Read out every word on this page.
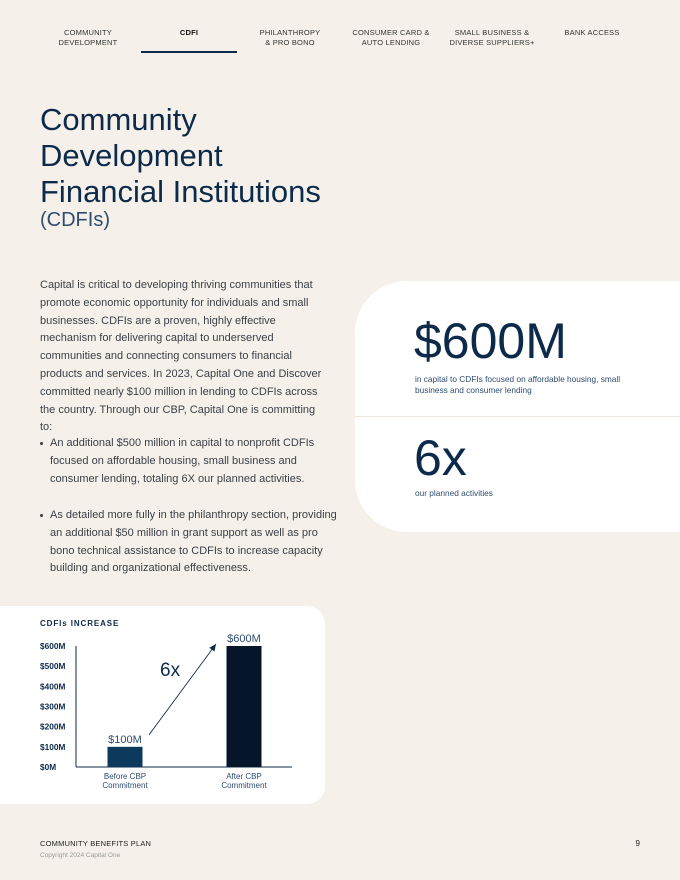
COMMUNITY
DEVELOPMENT
CDFI	PHILANTHROPY
& PRO BONO
CONSUMER CARD &
AUTO LENDING
SMALL BUSINESS &
DIVERSE SUPPLIERS+
BANK ACCESS
Community
Development
Financial Institutions
(CDFIs)
Capital is critical to developing thriving communities that promote economic opportunity for individuals and small businesses. CDFIs are a proven, highly effective mechanism for delivering capital to underserved communities and connecting consumers to financial products and services. In 2023, Capital One and Discover committed nearly $100 million in lending to CDFIs across the country. Through our CBP, Capital One is committing to:
An additional $500 million in capital to nonprofit CDFIs focused on affordable housing, small business and consumer lending, totaling 6X our planned activities.
As detailed more fully in the philanthropy section, providing an additional $50 million in grant support as well as pro bono technical assistance to CDFIs to increase capacity building and organizational effectiveness.
$600M
in capital to CDFIs focused on affordable housing, small business and consumer lending
6x
our planned activities
CDFIs INCREASE
$0M
$100M
$200M
$300M
$400M
$500M
$600M
$100M
Before CBP
Commitment
$600M
After CBP
Commitment
6x
COMMUNITY BENEFITS PLAN
Copyright 2024 Capital One
9
